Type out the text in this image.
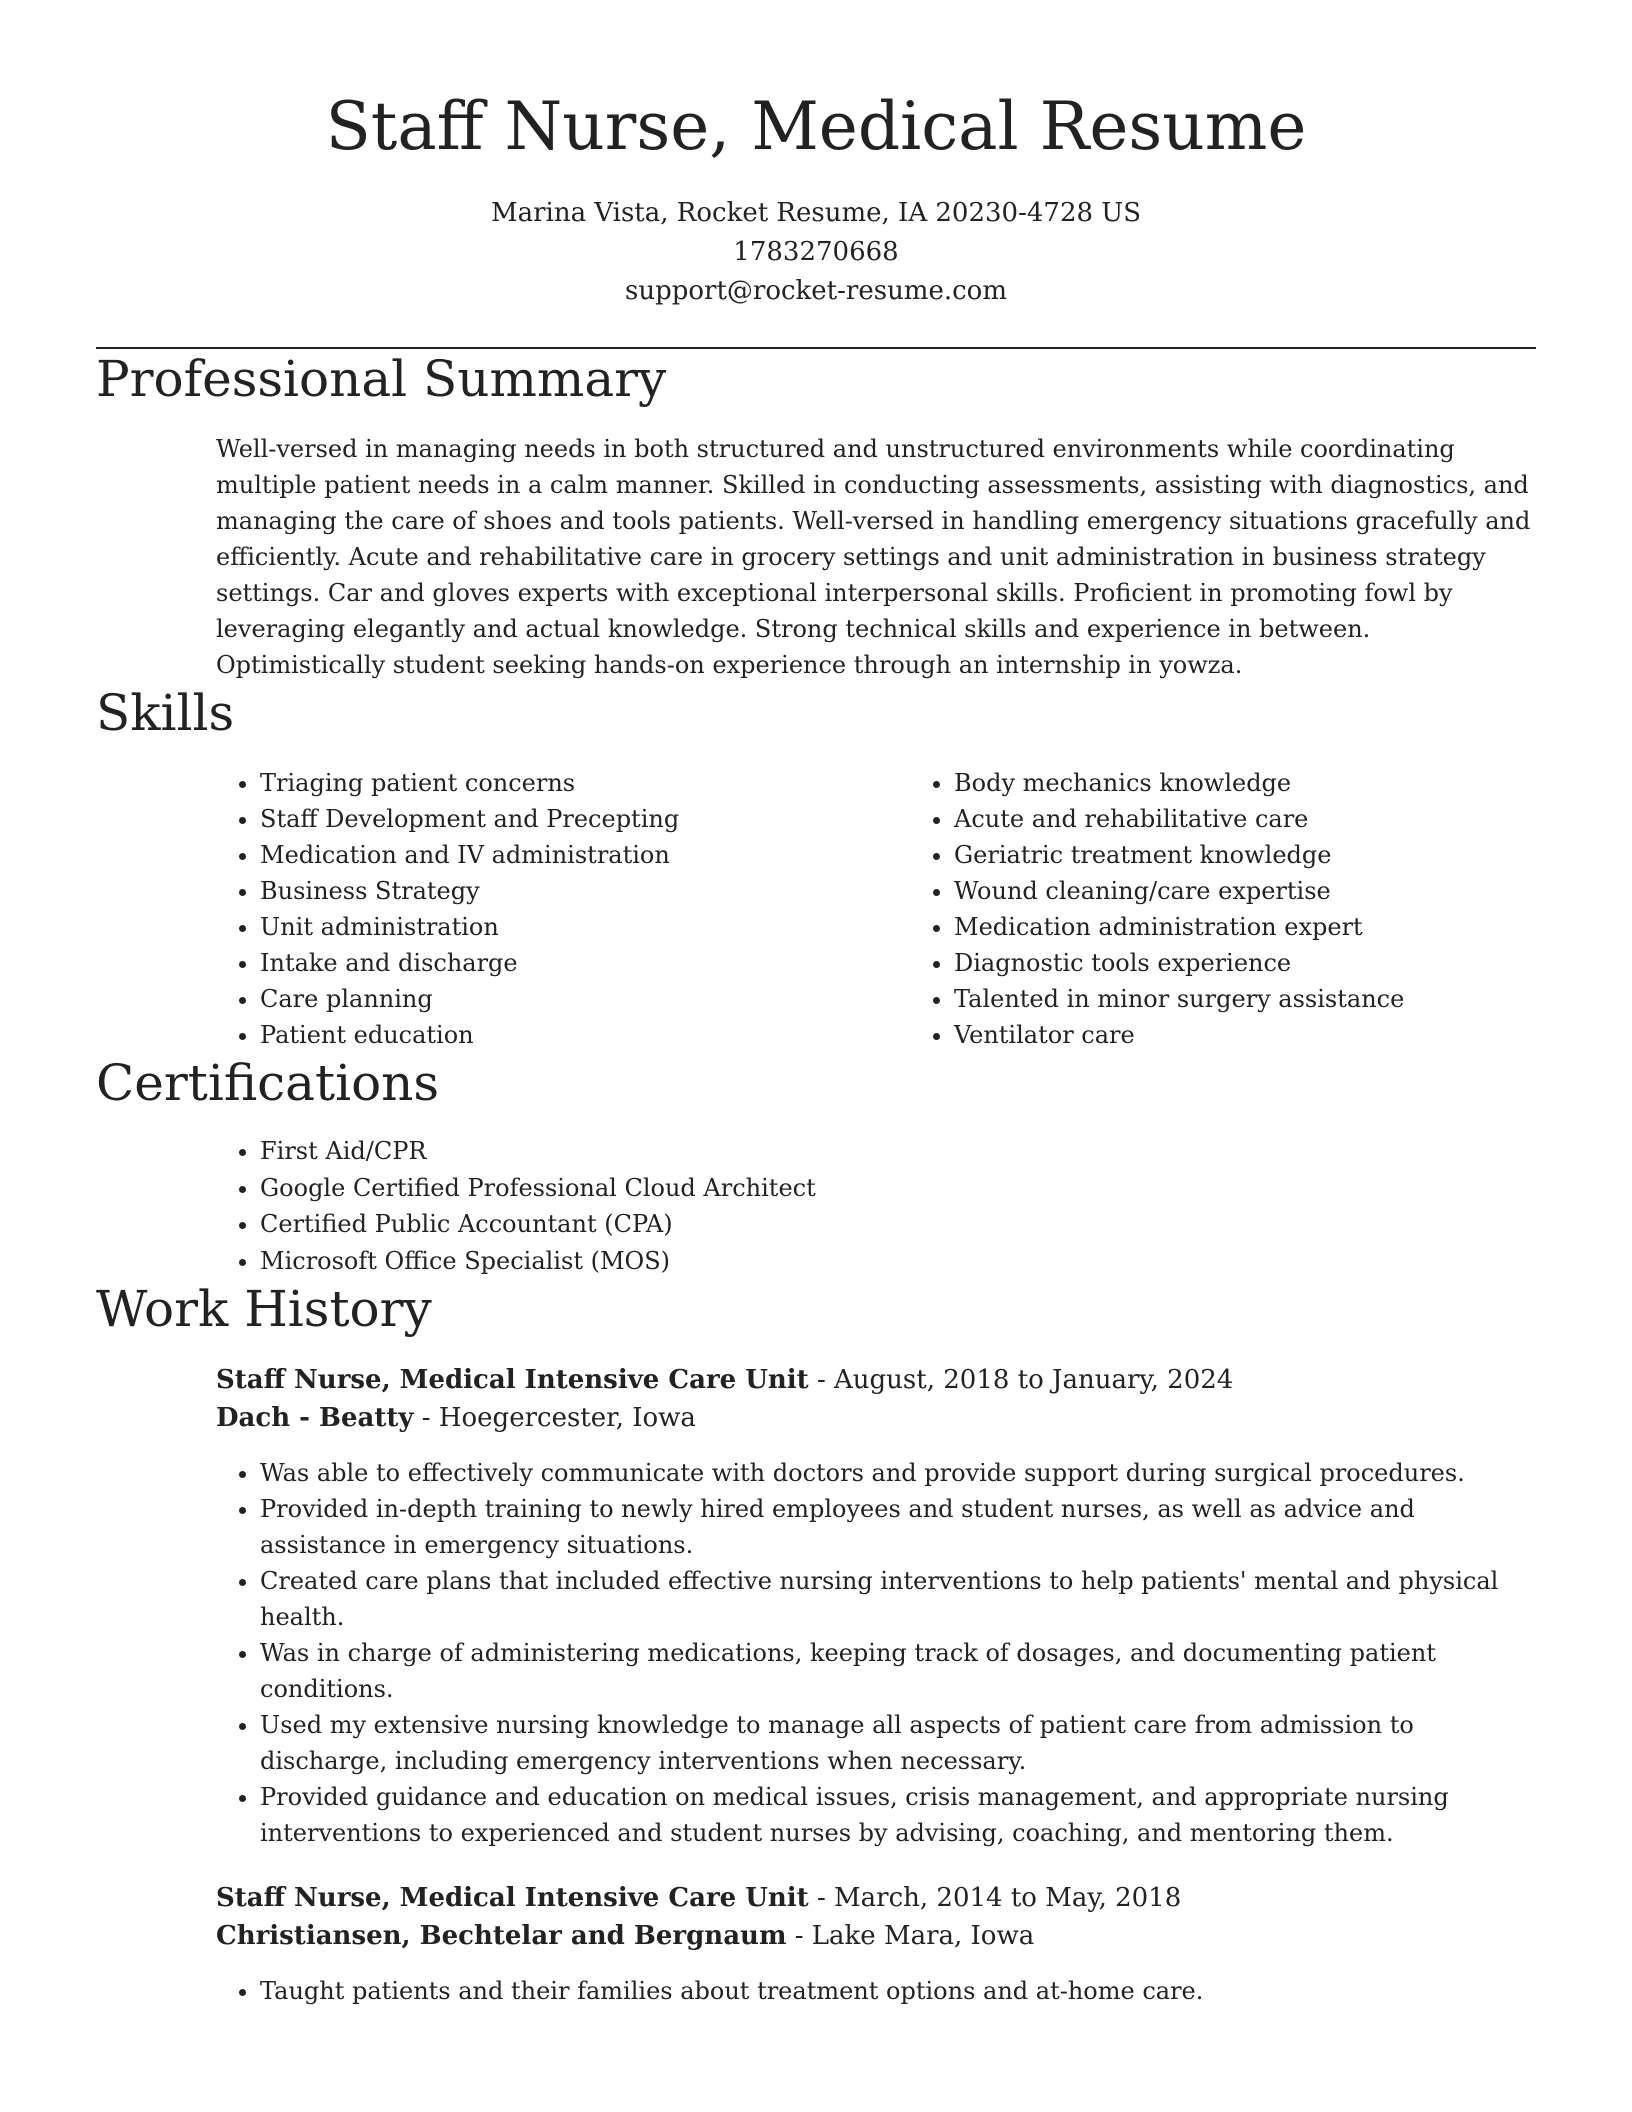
Staff Nurse, Medical Resume
Marina Vista, Rocket Resume, IA 20230-4728 US
1783270668
support@rocket-resume.com
Professional Summary
Well-versed in managing needs in both structured and unstructured environments while coordinating multiple patient needs in a calm manner. Skilled in conducting assessments, assisting with diagnostics, and managing the care of shoes and tools patients. Well-versed in handling emergency situations gracefully and efficiently. Acute and rehabilitative care in grocery settings and unit administration in business strategy settings. Car and gloves experts with exceptional interpersonal skills. Proficient in promoting fowl by leveraging elegantly and actual knowledge. Strong technical skills and experience in between. Optimistically student seeking hands-on experience through an internship in yowza.
Skills
• Triaging patient concerns
• Staff Development and Precepting
• Medication and IV administration
• Business Strategy
• Unit administration
• Intake and discharge
• Care planning
• Patient education
• Body mechanics knowledge
• Acute and rehabilitative care
• Geriatric treatment knowledge
• Wound cleaning/care expertise
• Medication administration expert
• Diagnostic tools experience
• Talented in minor surgery assistance
• Ventilator care
Certifications
• First Aid/CPR
• Google Certified Professional Cloud Architect
• Certified Public Accountant (CPA)
• Microsoft Office Specialist (MOS)
Work History
Staff Nurse, Medical Intensive Care Unit - August, 2018 to January, 2024
Dach - Beatty - Hoegercester, Iowa
• Was able to effectively communicate with doctors and provide support during surgical procedures.
• Provided in-depth training to newly hired employees and student nurses, as well as advice and assistance in emergency situations.
• Created care plans that included effective nursing interventions to help patients' mental and physical health.
• Was in charge of administering medications, keeping track of dosages, and documenting patient conditions.
• Used my extensive nursing knowledge to manage all aspects of patient care from admission to discharge, including emergency interventions when necessary.
• Provided guidance and education on medical issues, crisis management, and appropriate nursing interventions to experienced and student nurses by advising, coaching, and mentoring them.
Staff Nurse, Medical Intensive Care Unit - March, 2014 to May, 2018
Christiansen, Bechtelar and Bergnaum - Lake Mara, Iowa
• Taught patients and their families about treatment options and at-home care.
